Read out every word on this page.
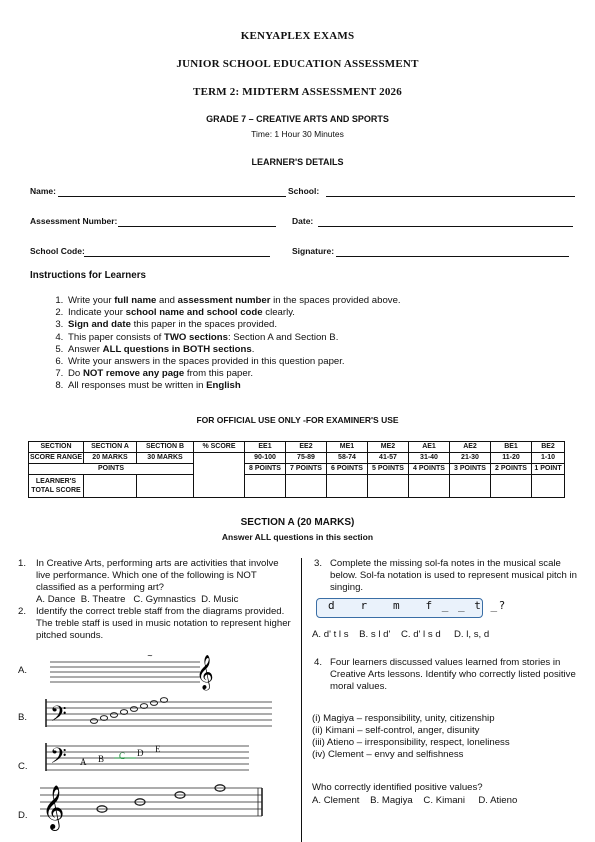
KENYAPLEX EXAMS
JUNIOR SCHOOL EDUCATION ASSESSMENT
TERM 2: MIDTERM ASSESSMENT 2026
GRADE 7 – CREATIVE ARTS AND SPORTS
Time: 1 Hour 30 Minutes
LEARNER'S DETAILS
Name:	School:
Assessment Number:	Date:
School Code:	Signature:
Instructions for Learners
1. Write your full name and assessment number in the spaces provided above.
2. Indicate your school name and school code clearly.
3. Sign and date this paper in the spaces provided.
4. This paper consists of TWO sections: Section A and Section B.
5. Answer ALL questions in BOTH sections.
6. Write your answers in the spaces provided in this question paper.
7. Do NOT remove any page from this paper.
8. All responses must be written in English
FOR OFFICIAL USE ONLY -FOR EXAMINER'S USE
SECTION	SECTION A	SECTION B	% SCORE	EE1	EE2	ME1	ME2	AE1	AE2	BE1	BE2
SCORE RANGE	20 MARKS	30 MARKS		90-100	75-89	58-74	41-57	31-40	21-30	11-20	1-10
POINTS				8 POINTS	7 POINTS	6 POINTS	5 POINTS	4 POINTS	3 POINTS	2 POINTS	1 POINT
LEARNER'S TOTAL SCORE											
SECTION A (20 MARKS)
Answer ALL questions in this section
1. In Creative Arts, performing arts are activities that involve live performance. Which one of the following is NOT classified as a performing art?
A. Dance  B. Theatre   C. Gymnastics  D. Music
2. Identify the correct treble staff from the diagrams provided. The treble staff is used in music notation to represent higher pitched sounds.
A.
B.
C.
D.
𝄞
~
𝄢
𝄢 A B C D E
𝄞
3. Complete the missing sol-fa notes in the musical scale below. Sol-fa notation is used to represent musical pitch in singing.
d   r   m   f _ _ t _?
A. d' t l s    B. s l d'    C. d' l s d     D. l, s, d
4. Four learners discussed values learned from stories in Creative Arts lessons. Identify who correctly listed positive moral values.
(i) Magiya – responsibility, unity, citizenship
(ii) Kimani – self-control, anger, disunity
(iii) Atieno – irresponsibility, respect, loneliness
(iv) Clement – envy and selfishness
Who correctly identified positive values?
A. Clement    B. Magiya    C. Kimani     D. Atieno
